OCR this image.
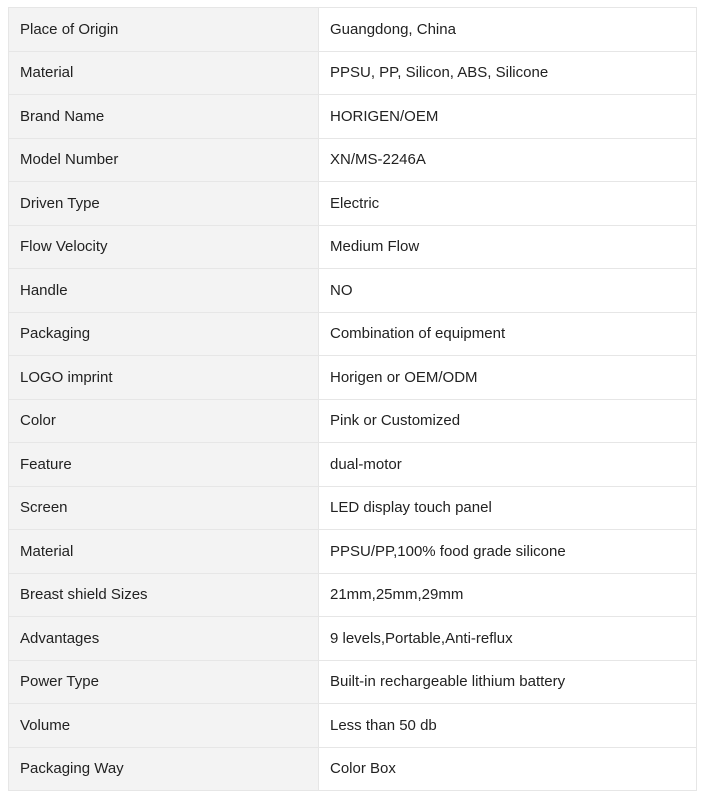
Place of Origin	Guangdong, China
Material	PPSU, PP, Silicon, ABS, Silicone
Brand Name	HORIGEN/OEM
Model Number	XN/MS-2246A
Driven Type	Electric
Flow Velocity	Medium Flow
Handle	NO
Packaging	Combination of equipment
LOGO imprint	Horigen or OEM/ODM
Color	Pink or Customized
Feature	dual-motor
Screen	LED display touch panel
Material	PPSU/PP,100% food grade silicone
Breast shield Sizes	21mm,25mm,29mm
Advantages	9 levels,Portable,Anti-reflux
Power Type	Built-in rechargeable lithium battery
Volume	Less than 50 db
Packaging Way	Color Box
